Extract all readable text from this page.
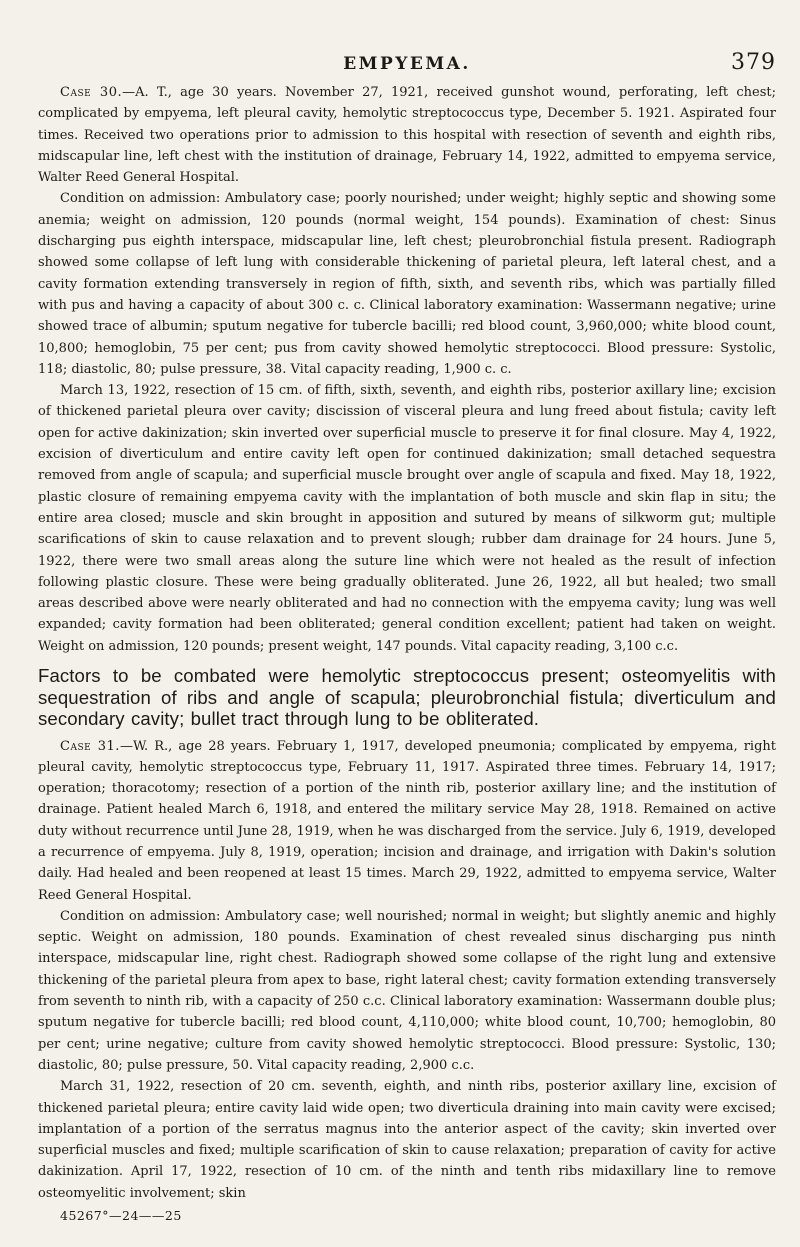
EMPYEMA.	379

Case 30.—A. T., age 30 years. November 27, 1921, received gunshot wound, perforating, left chest; complicated by empyema, left pleural cavity, hemolytic streptococcus type, December 5. 1921. Aspirated four times. Received two operations prior to admission to this hospital with resection of seventh and eighth ribs, midscapular line, left chest with the institution of drainage, February 14, 1922, admitted to empyema service, Walter Reed General Hospital.

Condition on admission: Ambulatory case; poorly nourished; under weight; highly septic and showing some anemia; weight on admission, 120 pounds (normal weight, 154 pounds). Examination of chest: Sinus discharging pus eighth interspace, midscapular line, left chest; pleurobronchial fistula present. Radiograph showed some collapse of left lung with considerable thickening of parietal pleura, left lateral chest, and a cavity formation extending transversely in region of fifth, sixth, and seventh ribs, which was partially filled with pus and having a capacity of about 300 c. c. Clinical laboratory examination: Wassermann negative; urine showed trace of albumin; sputum negative for tubercle bacilli; red blood count, 3,960,000; white blood count, 10,800; hemoglobin, 75 per cent; pus from cavity showed hemolytic streptococci. Blood pressure: Systolic, 118; diastolic, 80; pulse pressure, 38. Vital capacity reading, 1,900 c. c.

March 13, 1922, resection of 15 cm. of fifth, sixth, seventh, and eighth ribs, posterior axillary line; excision of thickened parietal pleura over cavity; discission of visceral pleura and lung freed about fistula; cavity left open for active dakinization; skin inverted over superficial muscle to preserve it for final closure. May 4, 1922, excision of diverticulum and entire cavity left open for continued dakinization; small detached sequestra removed from angle of scapula; and superficial muscle brought over angle of scapula and fixed. May 18, 1922, plastic closure of remaining empyema cavity with the implantation of both muscle and skin flap in situ; the entire area closed; muscle and skin brought in apposition and sutured by means of silkworm gut; multiple scarifications of skin to cause relaxation and to prevent slough; rubber dam drainage for 24 hours. June 5, 1922, there were two small areas along the suture line which were not healed as the result of infection following plastic closure. These were being gradually obliterated. June 26, 1922, all but healed; two small areas described above were nearly obliterated and had no connection with the empyema cavity; lung was well expanded; cavity formation had been obliterated; general condition excellent; patient had taken on weight. Weight on admission, 120 pounds; present weight, 147 pounds. Vital capacity reading, 3,100 c.c.

Factors to be combated were hemolytic streptococcus present; osteomyelitis with sequestration of ribs and angle of scapula; pleurobronchial fistula; diverticulum and secondary cavity; bullet tract through lung to be obliterated.

Case 31.—W. R., age 28 years. February 1, 1917, developed pneumonia; complicated by empyema, right pleural cavity, hemolytic streptococcus type, February 11, 1917. Aspirated three times. February 14, 1917; operation; thoracotomy; resection of a portion of the ninth rib, posterior axillary line; and the institution of drainage. Patient healed March 6, 1918, and entered the military service May 28, 1918. Remained on active duty without recurrence until June 28, 1919, when he was discharged from the service. July 6, 1919, developed a recurrence of empyema. July 8, 1919, operation; incision and drainage, and irrigation with Dakin's solution daily. Had healed and been reopened at least 15 times. March 29, 1922, admitted to empyema service, Walter Reed General Hospital.

Condition on admission: Ambulatory case; well nourished; normal in weight; but slightly anemic and highly septic. Weight on admission, 180 pounds. Examination of chest revealed sinus discharging pus ninth interspace, midscapular line, right chest. Radiograph showed some collapse of the right lung and extensive thickening of the parietal pleura from apex to base, right lateral chest; cavity formation extending transversely from seventh to ninth rib, with a capacity of 250 c.c. Clinical laboratory examination: Wassermann double plus; sputum negative for tubercle bacilli; red blood count, 4,110,000; white blood count, 10,700; hemoglobin, 80 per cent; urine negative; culture from cavity showed hemolytic streptococci. Blood pressure: Systolic, 130; diastolic, 80; pulse pressure, 50. Vital capacity reading, 2,900 c.c.

March 31, 1922, resection of 20 cm. seventh, eighth, and ninth ribs, posterior axillary line, excision of thickened parietal pleura; entire cavity laid wide open; two diverticula draining into main cavity were excised; implantation of a portion of the serratus magnus into the anterior aspect of the cavity; skin inverted over superficial muscles and fixed; multiple scarification of skin to cause relaxation; preparation of cavity for active dakinization. April 17, 1922, resection of 10 cm. of the ninth and tenth ribs midaxillary line to remove osteomyelitic involvement; skin

45267°—24——25
